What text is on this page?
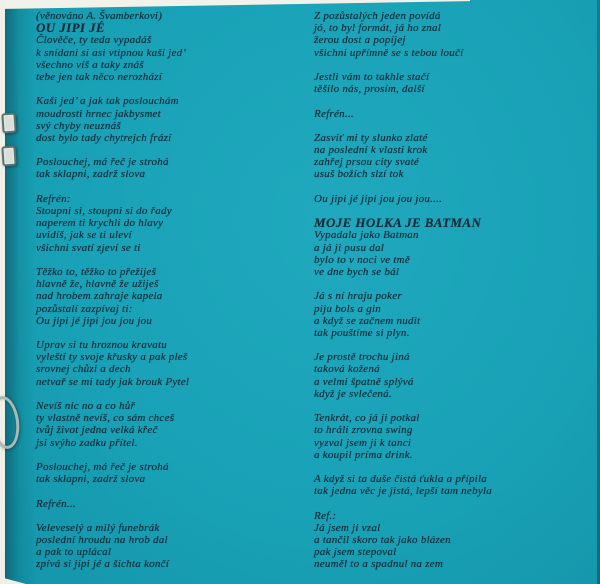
(věnováno A. Švamberkovi)
OU JIPI JÉ
Člověče, ty teda vypadáš
k snídani si asi vtipnou kaši jed’
všechno víš a taky znáš
tebe jen tak něco nerozhází

Kaši jed’ a jak tak poslouchám
moudrosti hrnec jakbysmet
svý chyby neuznáš
dost bylo tady chytrejch frází

Poslouchej, má řeč je strohá
tak sklapni, zadrž slova

Refrén:
Stoupni si, stoupni si do řady
naperem ti krychli do hlavy
uvidíš, jak se ti uleví
všichni svatí zjeví se ti

Těžko to, těžko to přežiješ
hlavně že, hlavně že užiješ
nad hrobem zahraje kapela
pozůstalí zazpívaj ti:
Ou jipi jé jipi jou jou jou

Uprav si tu hroznou kravatu
vyleští ty svoje křusky a pak pleš
srovnej chůzi a dech
netvař se mi tady jak brouk Pytel

Nevíš nic no a co hůř
ty vlastně nevíš, co sám chceš
tvůj život jedna velká křeč
jsi svýho zadku přítel.

Poslouchej, má řeč je strohá
tak sklapni, zadrž slova

Refrén...

Veleveselý a milý funebrák
poslední hroudu na hrob dal
a pak to uplácal
zpívá si jipi jé a šichta končí
Z pozůstalých jeden povídá
jó, to byl formát, já ho znal
žerou dost a popíjej
všichni upřímně se s tebou loučí

Jestli vám to takhle stačí
těšilo nás, prosím, další

Refrén...

Zasviť mi ty slunko zlaté
na poslední k vlasti krok
zahřej prsou city svaté
usuš božích slzí tok

Ou jipi jé jipi jou jou jou....

MOJE HOLKA JE BATMAN
Vypadala jako Batman
a já ji pusu dal
bylo to v noci ve tmě
ve dne bych se bál

Já s ní hraju poker
piju bols a gin
a když se začnem nudit
tak pouštíme si plyn.

Je prostě trochu jiná
taková kožená
a velmi špatně splývá
když je svlečená.

Tenkrát, co já ji potkal
to hráli zrovna swing
vyzval jsem ji k tanci
a koupil príma drink.

A když si ta duše čistá ťukla a přípila
tak jedna věc je jistá, lepší tam nebyla

Ref.:
Já jsem ji vzal
a tančil skoro tak jako blázen
pak jsem stepoval
neuměl to a spadnul na zem
